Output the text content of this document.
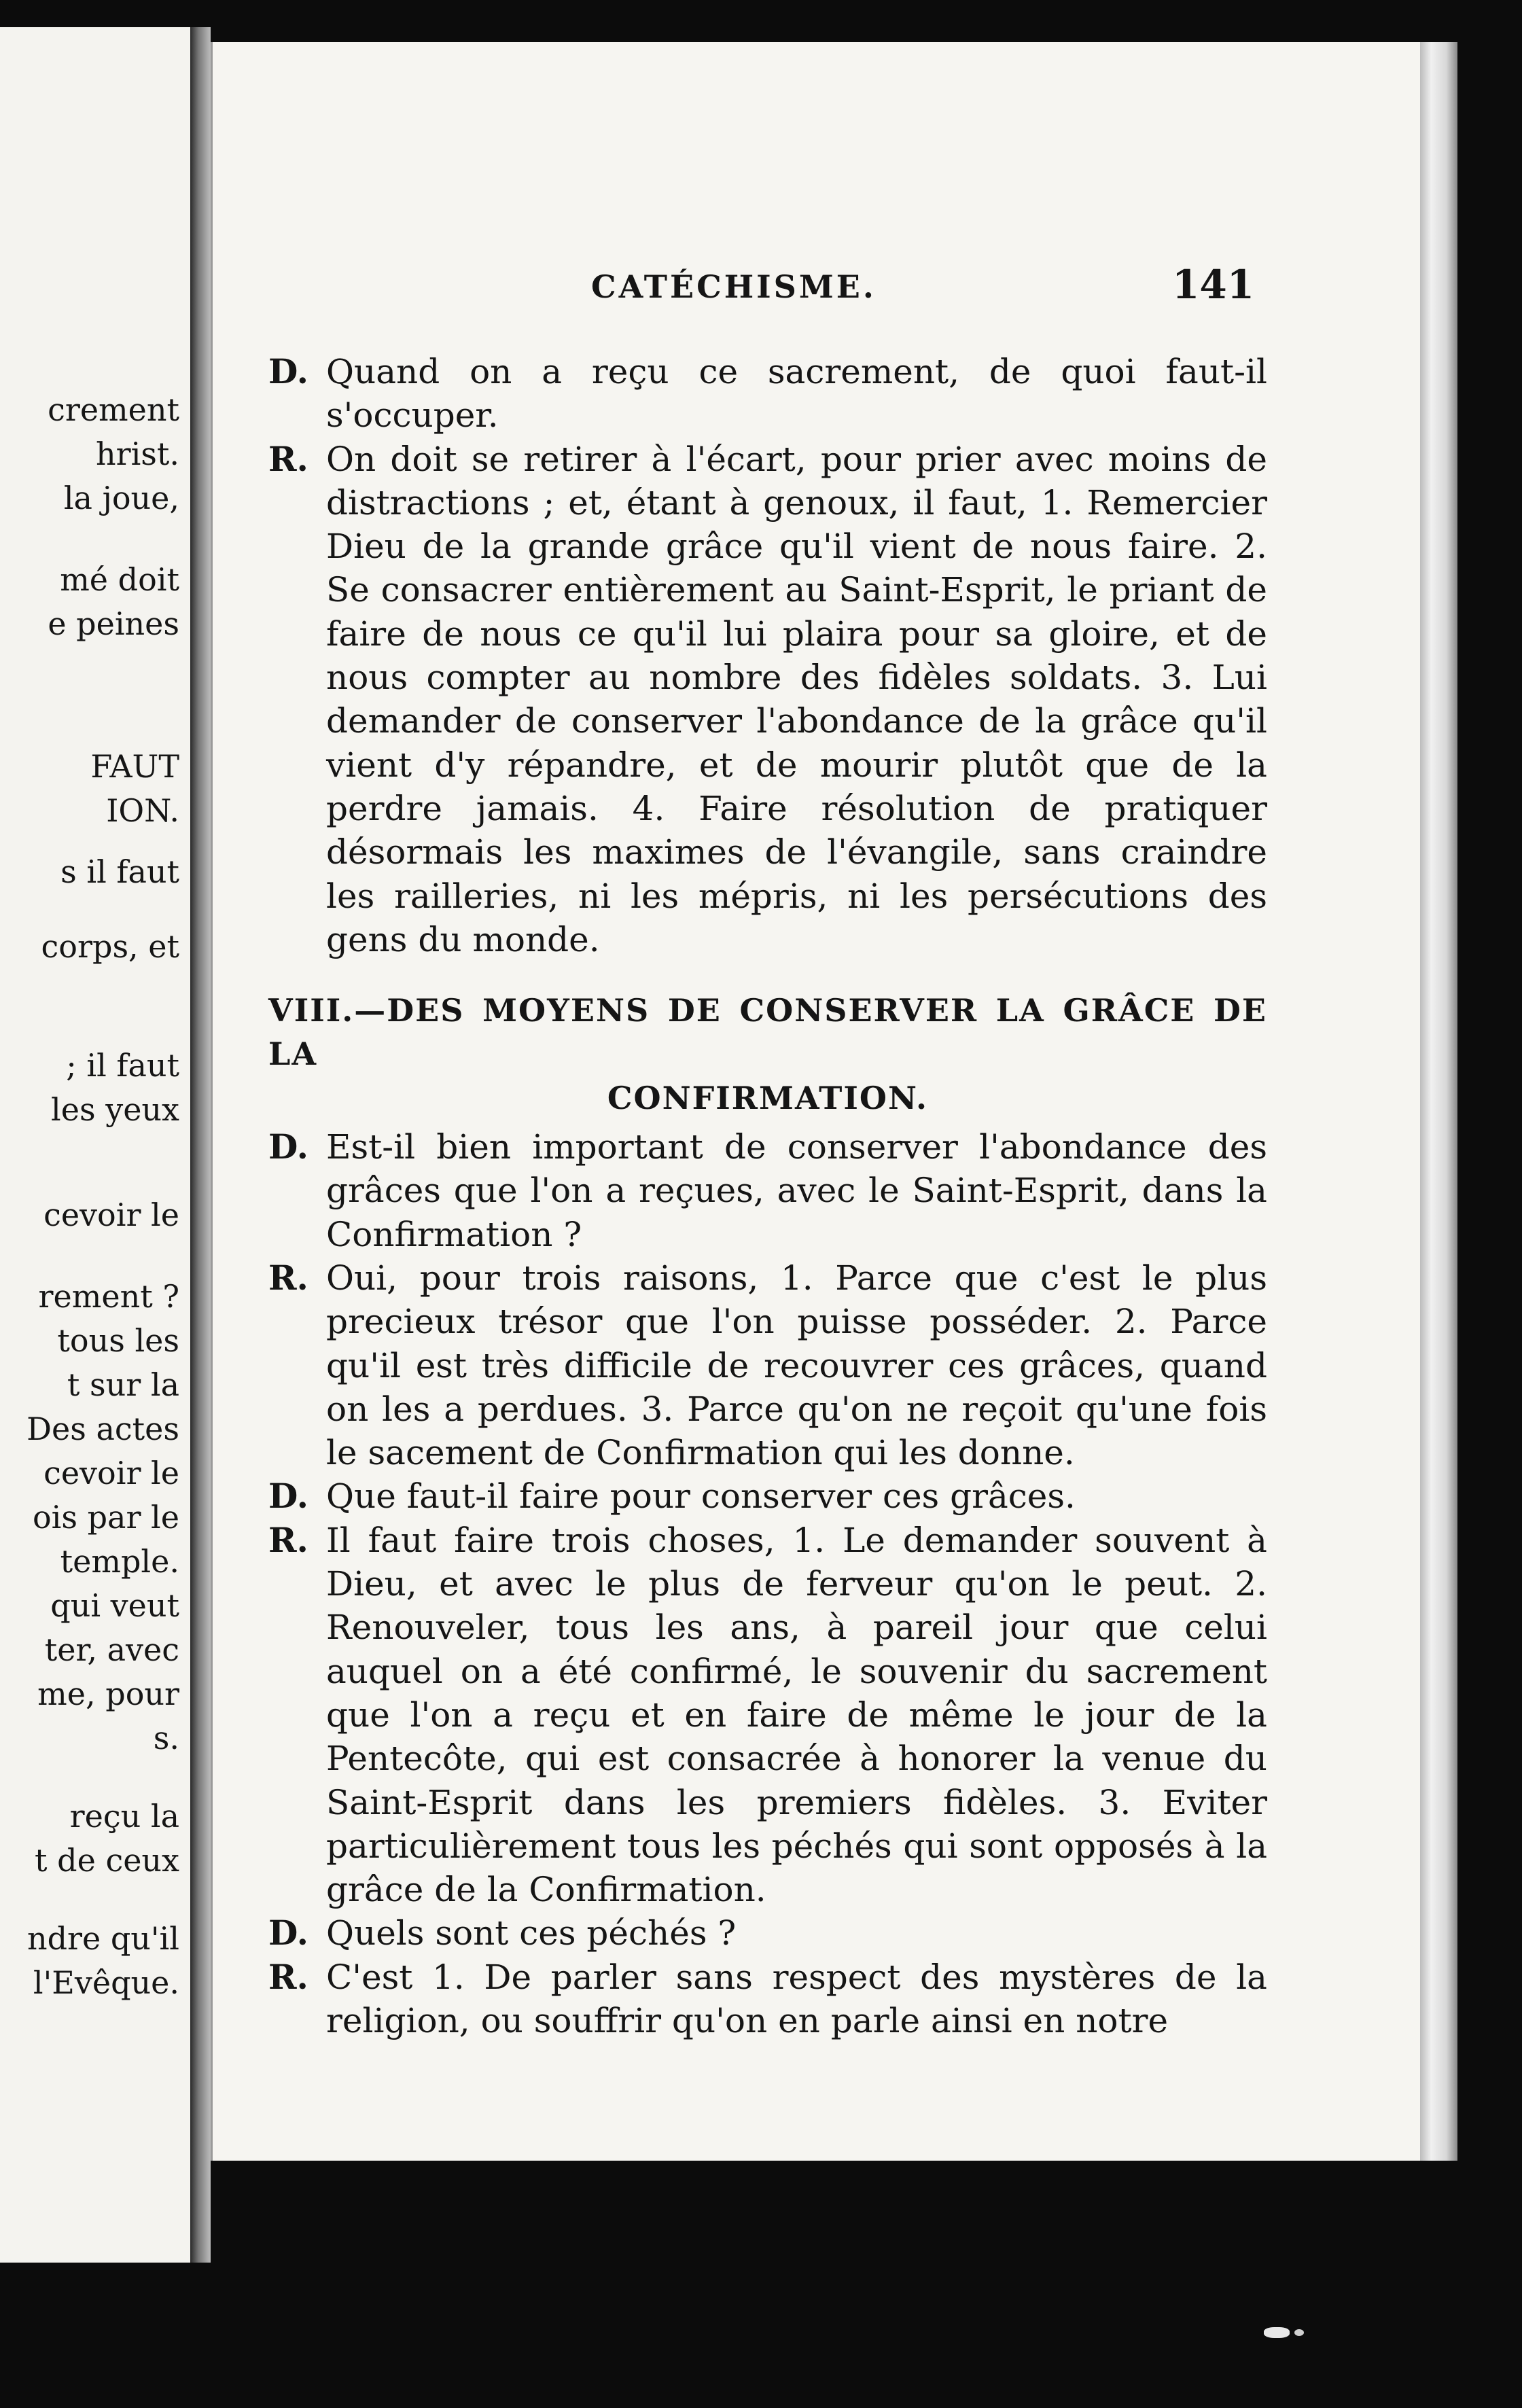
crement
hrist.
la joue,
mé doit
e peines
FAUT
ION.
s il faut
corps, et
; il faut
les yeux
cevoir le
rement ?
tous les
t sur la
Des actes
cevoir le
ois par le
temple.
qui veut
ter, avec
me, pour
s.
reçu la
t de ceux
ndre qu'il
l'Evêque.
CATÉCHISME.	141
D. Quand on a reçu ce sacrement, de quoi faut-il s'occuper.
R. On doit se retirer à l'écart, pour prier avec moins de distractions ; et, étant à genoux, il faut, 1. Remercier Dieu de la grande grâce qu'il vient de nous faire. 2. Se consacrer entièrement au Saint-Esprit, le priant de faire de nous ce qu'il lui plaira pour sa gloire, et de nous compter au nombre des fidèles soldats. 3. Lui demander de conserver l'abondance de la grâce qu'il vient d'y répandre, et de mourir plutôt que de la perdre jamais. 4. Faire résolution de pratiquer désormais les maximes de l'évangile, sans craindre les railleries, ni les mépris, ni les persécutions des gens du monde.
VIII.—DES MOYENS DE CONSERVER LA GRÂCE DE LA
CONFIRMATION.
D. Est-il bien important de conserver l'abondance des grâces que l'on a reçues, avec le Saint-Esprit, dans la Confirmation ?
R. Oui, pour trois raisons, 1. Parce que c'est le plus precieux trésor que l'on puisse posséder. 2. Parce qu'il est très difficile de recouvrer ces grâces, quand on les a perdues. 3. Parce qu'on ne reçoit qu'une fois le sacement de Confirmation qui les donne.
D. Que faut-il faire pour conserver ces grâces.
R. Il faut faire trois choses, 1. Le demander souvent à Dieu, et avec le plus de ferveur qu'on le peut. 2. Renouveler, tous les ans, à pareil jour que celui auquel on a été confirmé, le souvenir du sacrement que l'on a reçu et en faire de même le jour de la Pentecôte, qui est consacrée à honorer la venue du Saint-Esprit dans les premiers fidèles. 3. Eviter particulièrement tous les péchés qui sont opposés à la grâce de la Confirmation.
D. Quels sont ces péchés ?
R. C'est 1. De parler sans respect des mystères de la religion, ou souffrir qu'on en parle ainsi en notre
